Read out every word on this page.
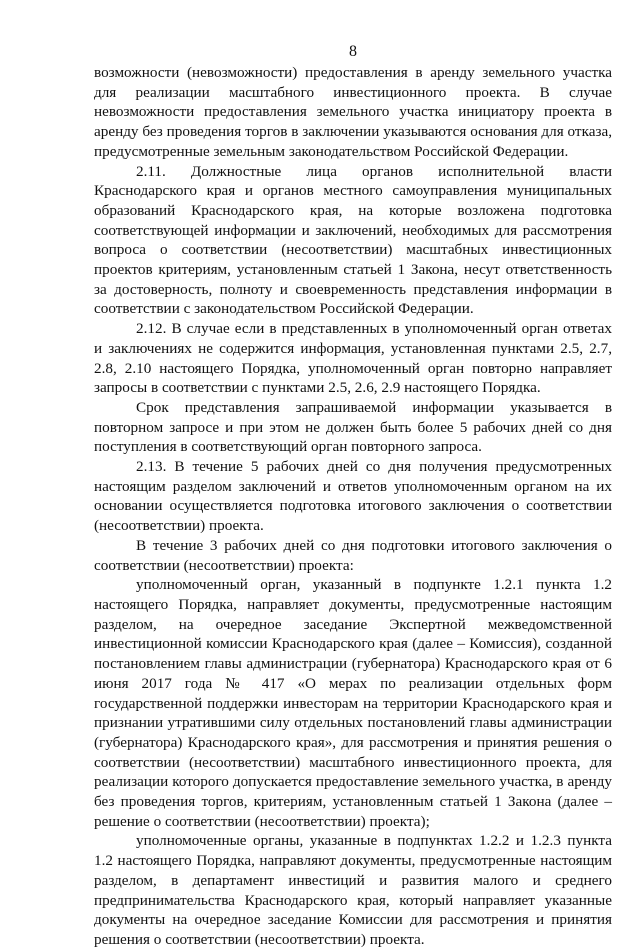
8

возможности (невозможности) предоставления в аренду земельного участка для реализации масштабного инвестиционного проекта. В случае невозможности предоставления земельного участка инициатору проекта в аренду без проведения торгов в заключении указываются основания для отказа, предусмотренные земельным законодательством Российской Федерации.

2.11. Должностные лица органов исполнительной власти Краснодарского края и органов местного самоуправления муниципальных образований Краснодарского края, на которые возложена подготовка соответствующей информации и заключений, необходимых для рассмотрения вопроса о соответствии (несоответствии) масштабных инвестиционных проектов критериям, установленным статьей 1 Закона, несут ответственность за достоверность, полноту и своевременность представления информации в соответствии с законодательством Российской Федерации.

2.12. В случае если в представленных в уполномоченный орган ответах и заключениях не содержится информация, установленная пунктами 2.5, 2.7, 2.8, 2.10 настоящего Порядка, уполномоченный орган повторно направляет запросы в соответствии с пунктами 2.5, 2.6, 2.9 настоящего Порядка.

Срок представления запрашиваемой информации указывается в повторном запросе и при этом не должен быть более 5 рабочих дней со дня поступления в соответствующий орган повторного запроса.

2.13. В течение 5 рабочих дней со дня получения предусмотренных настоящим разделом заключений и ответов уполномоченным органом на их основании осуществляется подготовка итогового заключения о соответствии (несоответствии) проекта.

В течение 3 рабочих дней со дня подготовки итогового заключения о соответствии (несоответствии) проекта:

уполномоченный орган, указанный в подпункте 1.2.1 пункта 1.2 настоящего Порядка, направляет документы, предусмотренные настоящим разделом, на очередное заседание Экспертной межведомственной инвестиционной комиссии Краснодарского края (далее – Комиссия), созданной постановлением главы администрации (губернатора) Краснодарского края от 6 июня 2017 года № 417 «О мерах по реализации отдельных форм государственной поддержки инвесторам на территории Краснодарского края и признании утратившими силу отдельных постановлений главы администрации (губернатора) Краснодарского края», для рассмотрения и принятия решения о соответствии (несоответствии) масштабного инвестиционного проекта, для реализации которого допускается предоставление земельного участка, в аренду без проведения торгов, критериям, установленным статьей 1 Закона (далее – решение о соответствии (несоответствии) проекта);

уполномоченные органы, указанные в подпунктах 1.2.2 и 1.2.3 пункта 1.2 настоящего Порядка, направляют документы, предусмотренные настоящим разделом, в департамент инвестиций и развития малого и среднего предпринимательства Краснодарского края, который направляет указанные документы на очередное заседание Комиссии для рассмотрения и принятия решения о соответствии (несоответствии) проекта.
